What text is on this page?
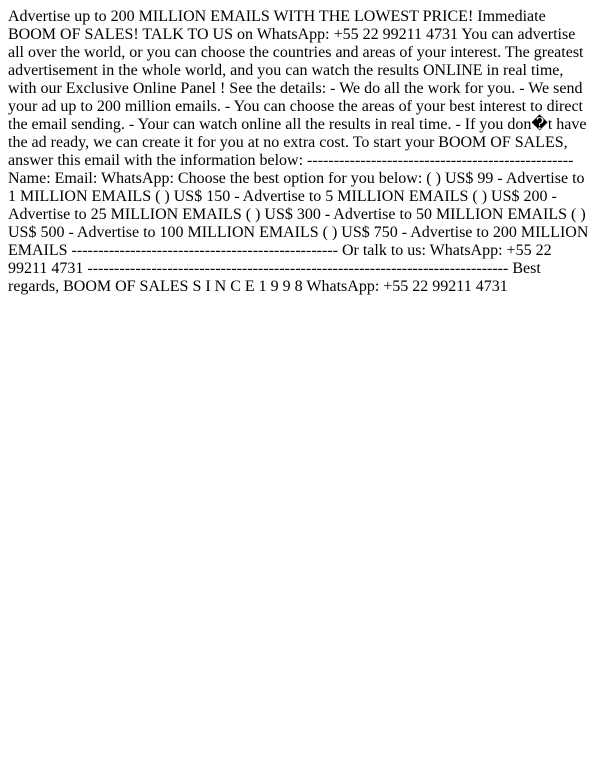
Advertise up to 200 MILLION EMAILS WITH THE LOWEST PRICE! Immediate BOOM OF SALES! TALK TO US on WhatsApp: +55 22 99211 4731 You can advertise all over the world, or you can choose the countries and areas of your interest. The greatest advertisement in the whole world, and you can watch the results ONLINE in real time, with our Exclusive Online Panel ! See the details: - We do all the work for you. - We send your ad up to 200 million emails. - You can choose the areas of your best interest to direct the email sending. - Your can watch online all the results in real time. - If you don�t have the ad ready, we can create it for you at no extra cost. To start your BOOM OF SALES, answer this email with the information below: -------------------------------------------------- Name: Email: WhatsApp: Choose the best option for you below: ( ) US$ 99 - Advertise to 1 MILLION EMAILS ( ) US$ 150 - Advertise to 5 MILLION EMAILS ( ) US$ 200 - Advertise to 25 MILLION EMAILS ( ) US$ 300 - Advertise to 50 MILLION EMAILS ( ) US$ 500 - Advertise to 100 MILLION EMAILS ( ) US$ 750 - Advertise to 200 MILLION EMAILS -------------------------------------------------- Or talk to us: WhatsApp: +55 22 99211 4731 ------------------------------------------------------------------------------- Best regards, BOOM OF SALES S I N C E 1 9 9 8 WhatsApp: +55 22 99211 4731
